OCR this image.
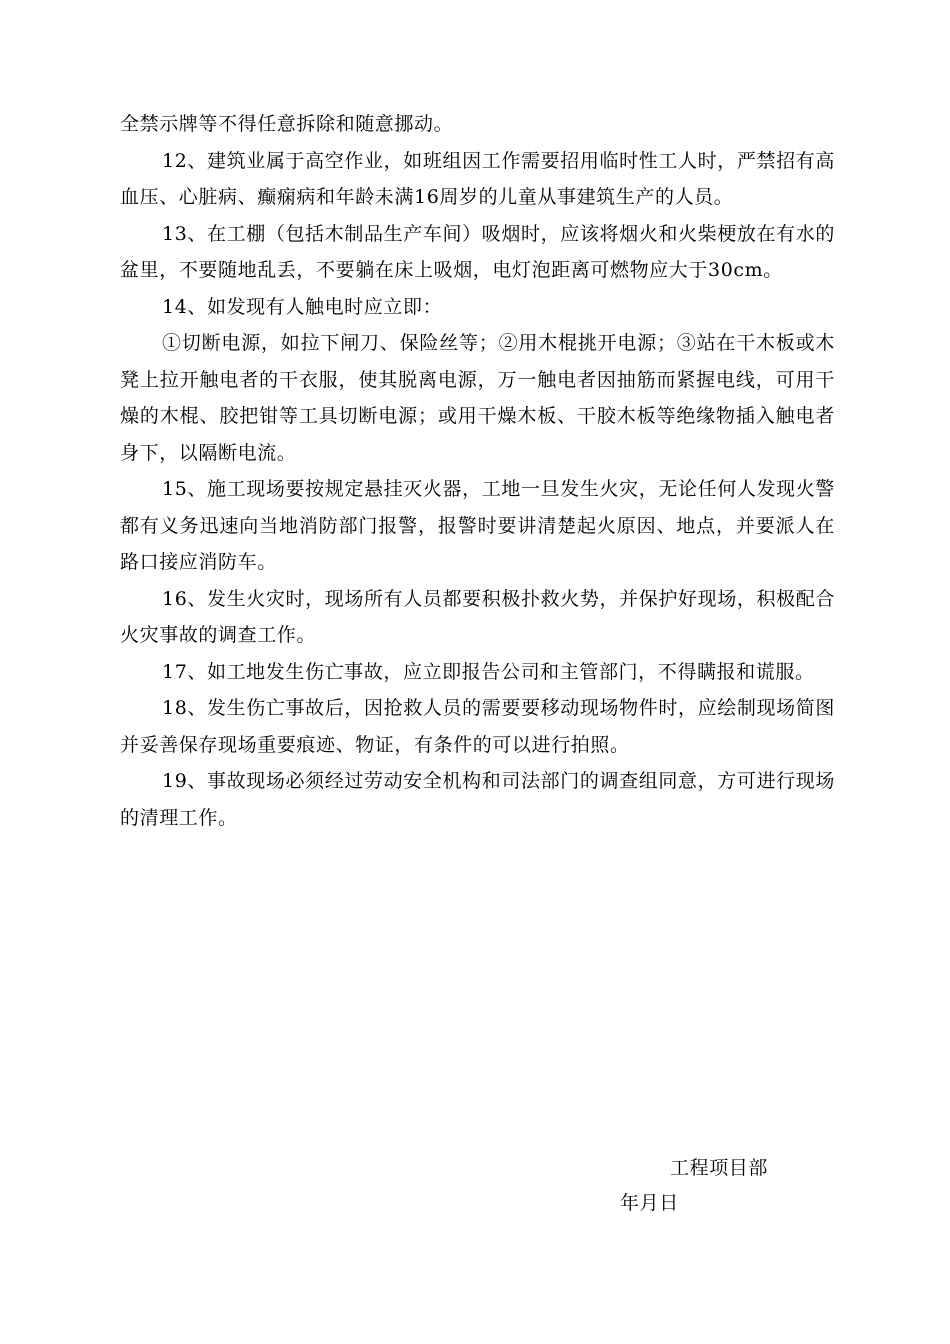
全禁示牌等不得任意拆除和随意挪动。

12、建筑业属于高空作业，如班组因工作需要招用临时性工人时，严禁招有高血压、心脏病、癫痫病和年龄未满16周岁的儿童从事建筑生产的人员。

13、在工棚（包括木制品生产车间）吸烟时，应该将烟火和火柴梗放在有水的盆里，不要随地乱丢，不要躺在床上吸烟，电灯泡距离可燃物应大于30cm。

14、如发现有人触电时应立即：

①切断电源，如拉下闸刀、保险丝等；②用木棍挑开电源；③站在干木板或木凳上拉开触电者的干衣服，使其脱离电源，万一触电者因抽筋而紧握电线，可用干燥的木棍、胶把钳等工具切断电源；或用干燥木板、干胶木板等绝缘物插入触电者身下，以隔断电流。

15、施工现场要按规定悬挂灭火器，工地一旦发生火灾，无论任何人发现火警都有义务迅速向当地消防部门报警，报警时要讲清楚起火原因、地点，并要派人在路口接应消防车。

16、发生火灾时，现场所有人员都要积极扑救火势，并保护好现场，积极配合火灾事故的调查工作。

17、如工地发生伤亡事故，应立即报告公司和主管部门，不得瞒报和谎服。

18、发生伤亡事故后，因抢救人员的需要要移动现场物件时，应绘制现场简图并妥善保存现场重要痕迹、物证，有条件的可以进行拍照。

19、事故现场必须经过劳动安全机构和司法部门的调查组同意，方可进行现场的清理工作。

工程项目部
年月日
